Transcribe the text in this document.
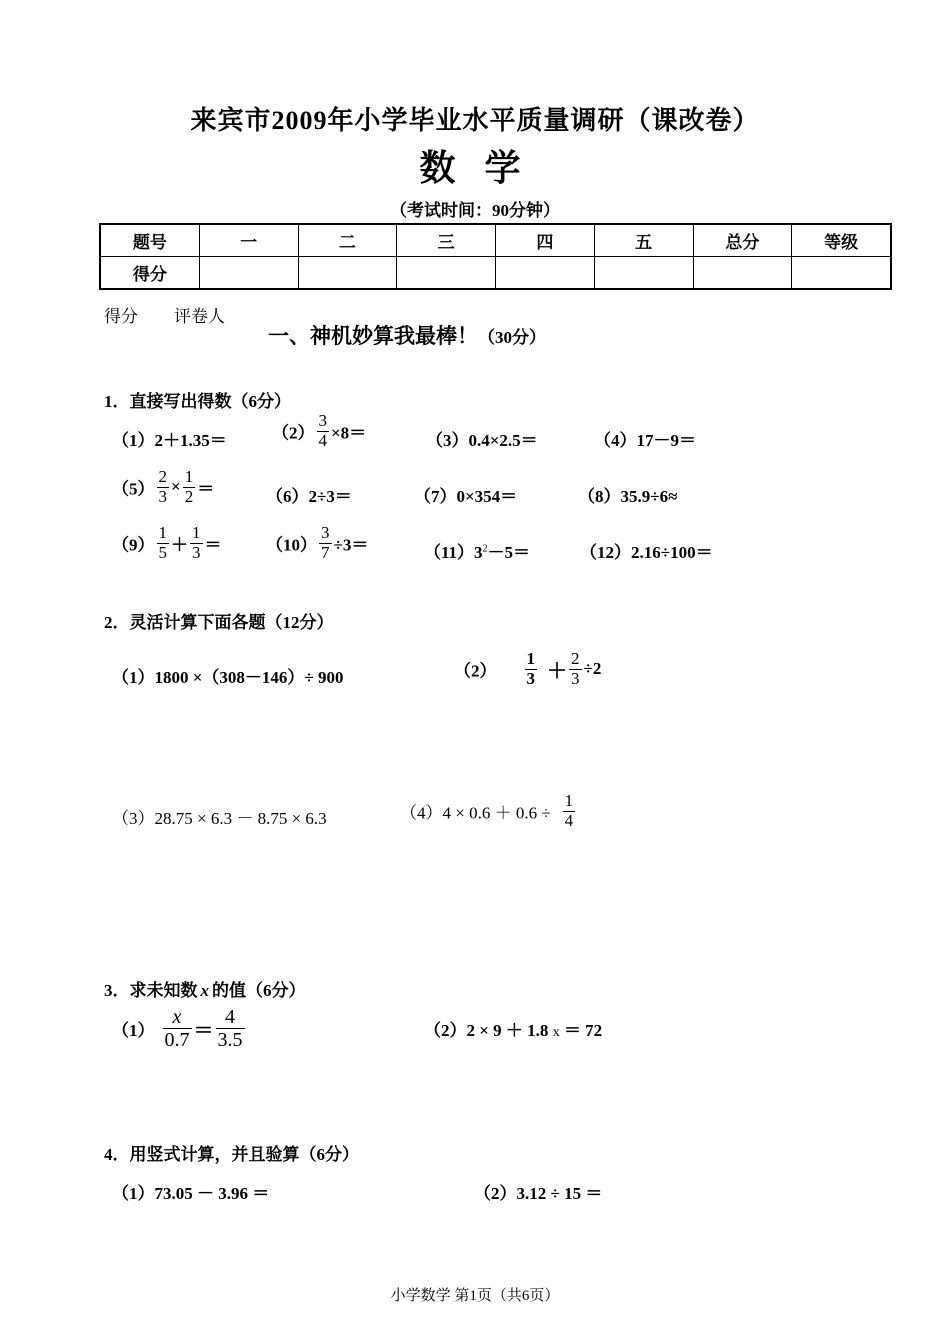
来宾市2009年小学毕业水平质量调研（课改卷）
数 学
（考试时间：90分钟）
题号	一	二	三	四	五	总分	等级
得分							
得分 评卷人
一、神机妙算我最棒！（30分）
1．直接写出得数（6分）
（1）2＋1.35＝	$(2) \frac{3}{4} \times 8=$	（3）0.4×2.5＝	（4）17－9＝
$(5) \frac{2}{3} \times \frac{1}{2}$ ＝	（6）2÷3＝	（7）0×354＝	（8）35.9÷6≈
$(9) \frac{1}{5} + \frac{1}{3}$ ＝	$(10) \frac{3}{7} \div 3=$	$(11)3^2-5=$	（12）2.16÷100＝
2．灵活计算下面各题（12分）
（1）1800 ×（308－146）÷ 900	$(2) \frac{1}{3} + \frac{2}{3} \div 2$
（3）28.75 × 6.3 － 8.75 × 6.3	$(4)4 \times 0.6 + 0.6 \div \frac{1}{4}$
3．求未知数 x 的值（6分）
$(1) \frac{x}{0.7} = \frac{4}{3.5}$	（2）2 × 9 ＋ 1.8 x ＝ 72
4．用竖式计算，并且验算（6分）
（1）73.05 － 3.96 ＝	（2）3.12 ÷ 15 ＝
小学数学 第1页（共6页）
